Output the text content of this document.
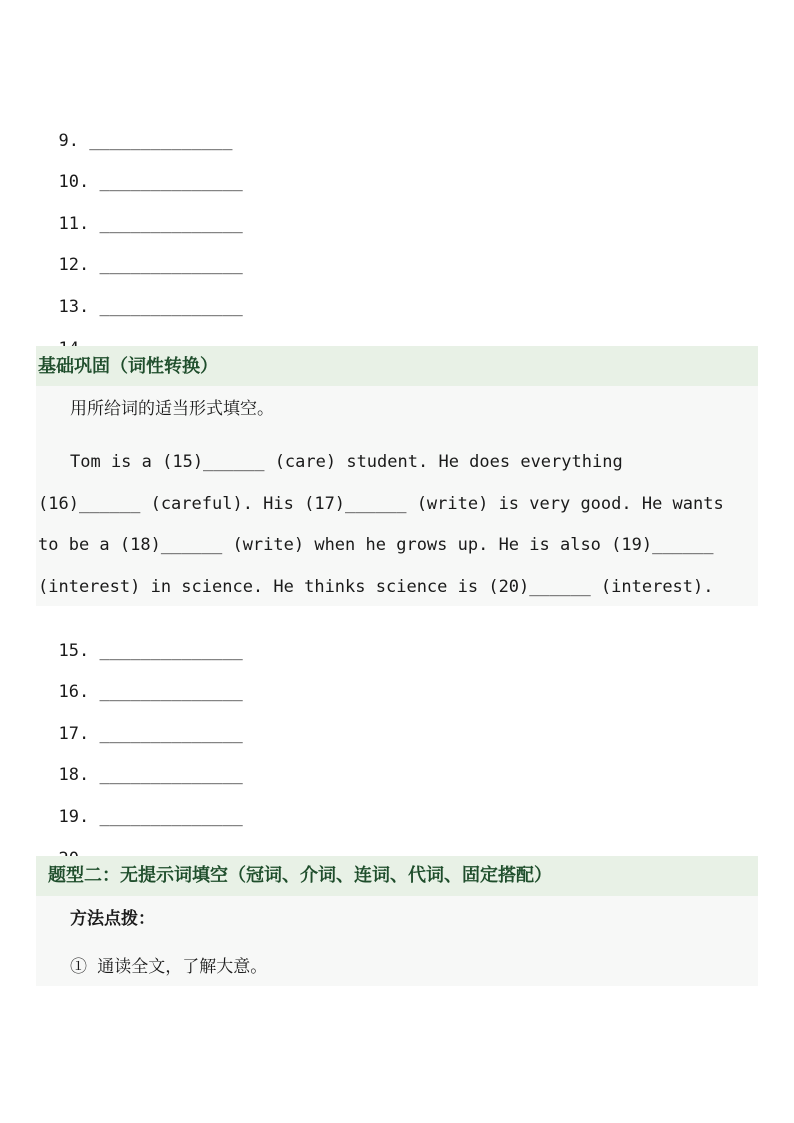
9. ______________

10. ______________

11. ______________

12. ______________

13. ______________

基础巩固（词性转换）
用所给词的适当形式填空。
Tom is a (15)______ (care) student. He does everything
(16)______ (careful). His (17)______ (write) is very good. He wants
to be a (18)______ (write) when he grows up. He is also (19)______
(interest) in science. He thinks science is (20)______ (interest).

15. ______________

16. ______________

17. ______________

18. ______________

19. ______________

题型二：无提示词填空（冠词、介词、连词、代词、固定搭配）
方法点拨：
① 通读全文，了解大意。
